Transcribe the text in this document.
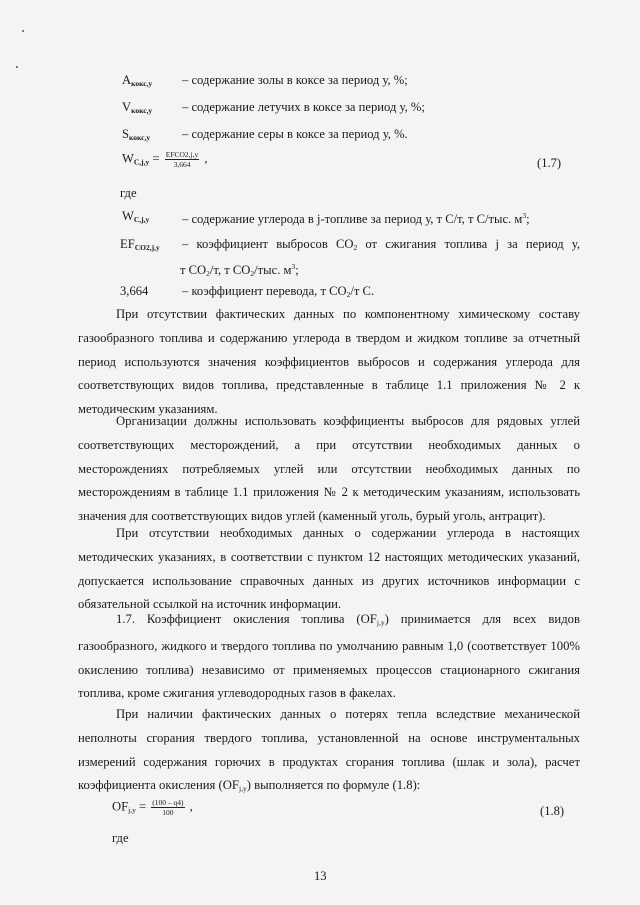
$A_{кокс,у}$ – содержание золы в коксе за период у, %;
$V_{кокс,у}$ – содержание летучих в коксе за период у, %;
$S_{кокс,у}$	– содержание серы в коксе за период у, %.
$W_{C,j,y} = \frac{\text{EFCO2,j,y}}{3,664}$ ,	(1.7)
где
$W_{C,j,y}$	– содержание углерода в j-топливе за период у, т С/т, т С/тыс. $м^3$;
$EF_{CO2,j,y}$ – коэффициент выбросов $CO_2$ от сжигания топлива j за период у,
т $CO_2/т$, т $CO_2$/тыс. $м^3$;
3,664	– коэффициент перевода, т $CO_2/т$ С.
При отсутствии фактических данных по компонентному химическому составу газообразного топлива и содержанию углерода в твердом и жидком топливе за отчетный период используются значения коэффициентов выбросов и содержания углерода для соответствующих видов топлива, представленные в таблице 1.1 приложения № 2 к методическим указаниям.
Организации должны использовать коэффициенты выбросов для рядовых углей соответствующих месторождений, а при отсутствии необходимых данных о месторождениях потребляемых углей или отсутствии необходимых данных по месторождениям в таблице 1.1 приложения № 2 к методическим указаниям, использовать значения для соответствующих видов углей (каменный уголь, бурый уголь, антрацит).
При отсутствии необходимых данных о содержании углерода в настоящих методических указаниях, в соответствии с пунктом 12 настоящих методических указаний, допускается использование справочных данных из других источников информации с обязательной ссылкой на источник информации.
1.7. Коэффициент окисления топлива $(OF_{j,y})$ принимается для всех видов газообразного, жидкого и твердого топлива по умолчанию равным 1,0 (соответствует 100% окислению топлива) независимо от применяемых процессов стационарного сжигания топлива, кроме сжигания углеводородных газов в факелах.
При наличии фактических данных о потерях тепла вследствие механической неполноты сгорания твердого топлива, установленной на основе инструментальных измерений содержания горючих в продуктах сгорания топлива (шлак и зола), расчет коэффициента окисления $(OF_{j,y})$ выполняется по формуле (1.8):
$OF_{j,y} = \frac{(100 - q4)}{100}$ ,	(1.8)
где
13
